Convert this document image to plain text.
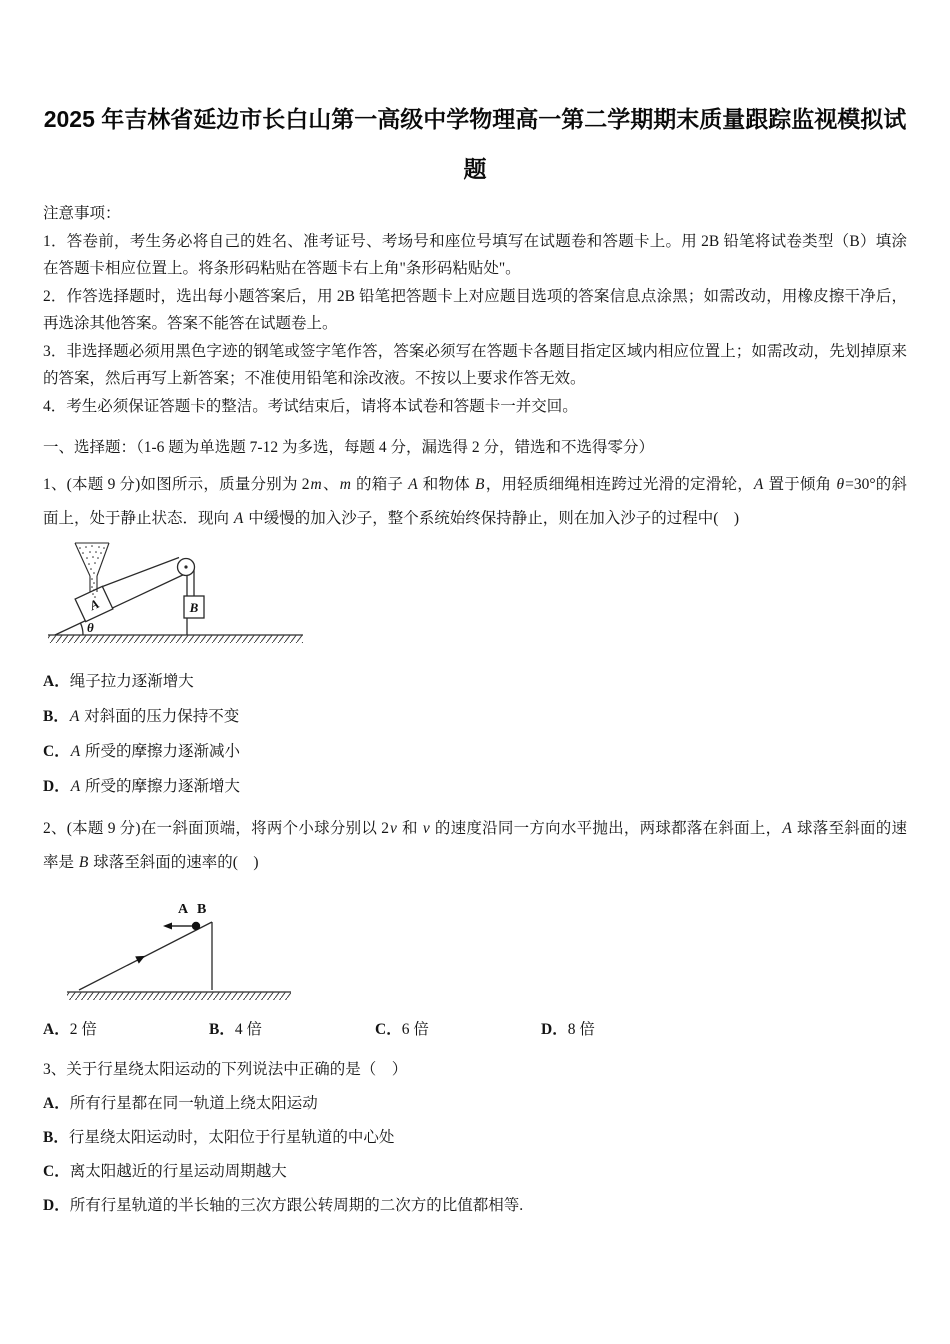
2025 年吉林省延边市长白山第一高级中学物理高一第二学期期末质量跟踪监视模拟试题

注意事项：

1．答卷前，考生务必将自己的姓名、准考证号、考场号和座位号填写在试题卷和答题卡上。用 2B 铅笔将试卷类型（B）填涂在答题卡相应位置上。将条形码粘贴在答题卡右上角"条形码粘贴处"。

2．作答选择题时，选出每小题答案后，用 2B 铅笔把答题卡上对应题目选项的答案信息点涂黑；如需改动，用橡皮擦干净后，再选涂其他答案。答案不能答在试题卷上。

3．非选择题必须用黑色字迹的钢笔或签字笔作答，答案必须写在答题卡各题目指定区域内相应位置上；如需改动，先划掉原来的答案，然后再写上新答案；不准使用铅笔和涂改液。不按以上要求作答无效。

4．考生必须保证答题卡的整洁。考试结束后，请将本试卷和答题卡一并交回。

一、选择题：（1-6 题为单选题 7-12 为多选，每题 4 分，漏选得 2 分，错选和不选得零分）

1、(本题 9 分)如图所示，质量分别为 2m、m 的箱子 A 和物体 B，用轻质细绳相连跨过光滑的定滑轮，A 置于倾角 θ=30°的斜面上，处于静止状态．现向 A 中缓慢的加入沙子，整个系统始终保持静止，则在加入沙子的过程中(　)

A	B
θ

A．绳子拉力逐渐增大

B．A 对斜面的压力保持不变

C．A 所受的摩擦力逐渐减小

D．A 所受的摩擦力逐渐增大

2、(本题 9 分)在一斜面顶端，将两个小球分别以 2v 和 v 的速度沿同一方向水平抛出，两球都落在斜面上，A 球落至斜面的速率是 B 球落至斜面的速率的(　)

A B
A．2 倍	B．4 倍	C．6 倍	D．8 倍

3、关于行星绕太阳运动的下列说法中正确的是（　）

A．所有行星都在同一轨道上绕太阳运动

B．行星绕太阳运动时，太阳位于行星轨道的中心处

C．离太阳越近的行星运动周期越大

D．所有行星轨道的半长轴的三次方跟公转周期的二次方的比值都相等.
